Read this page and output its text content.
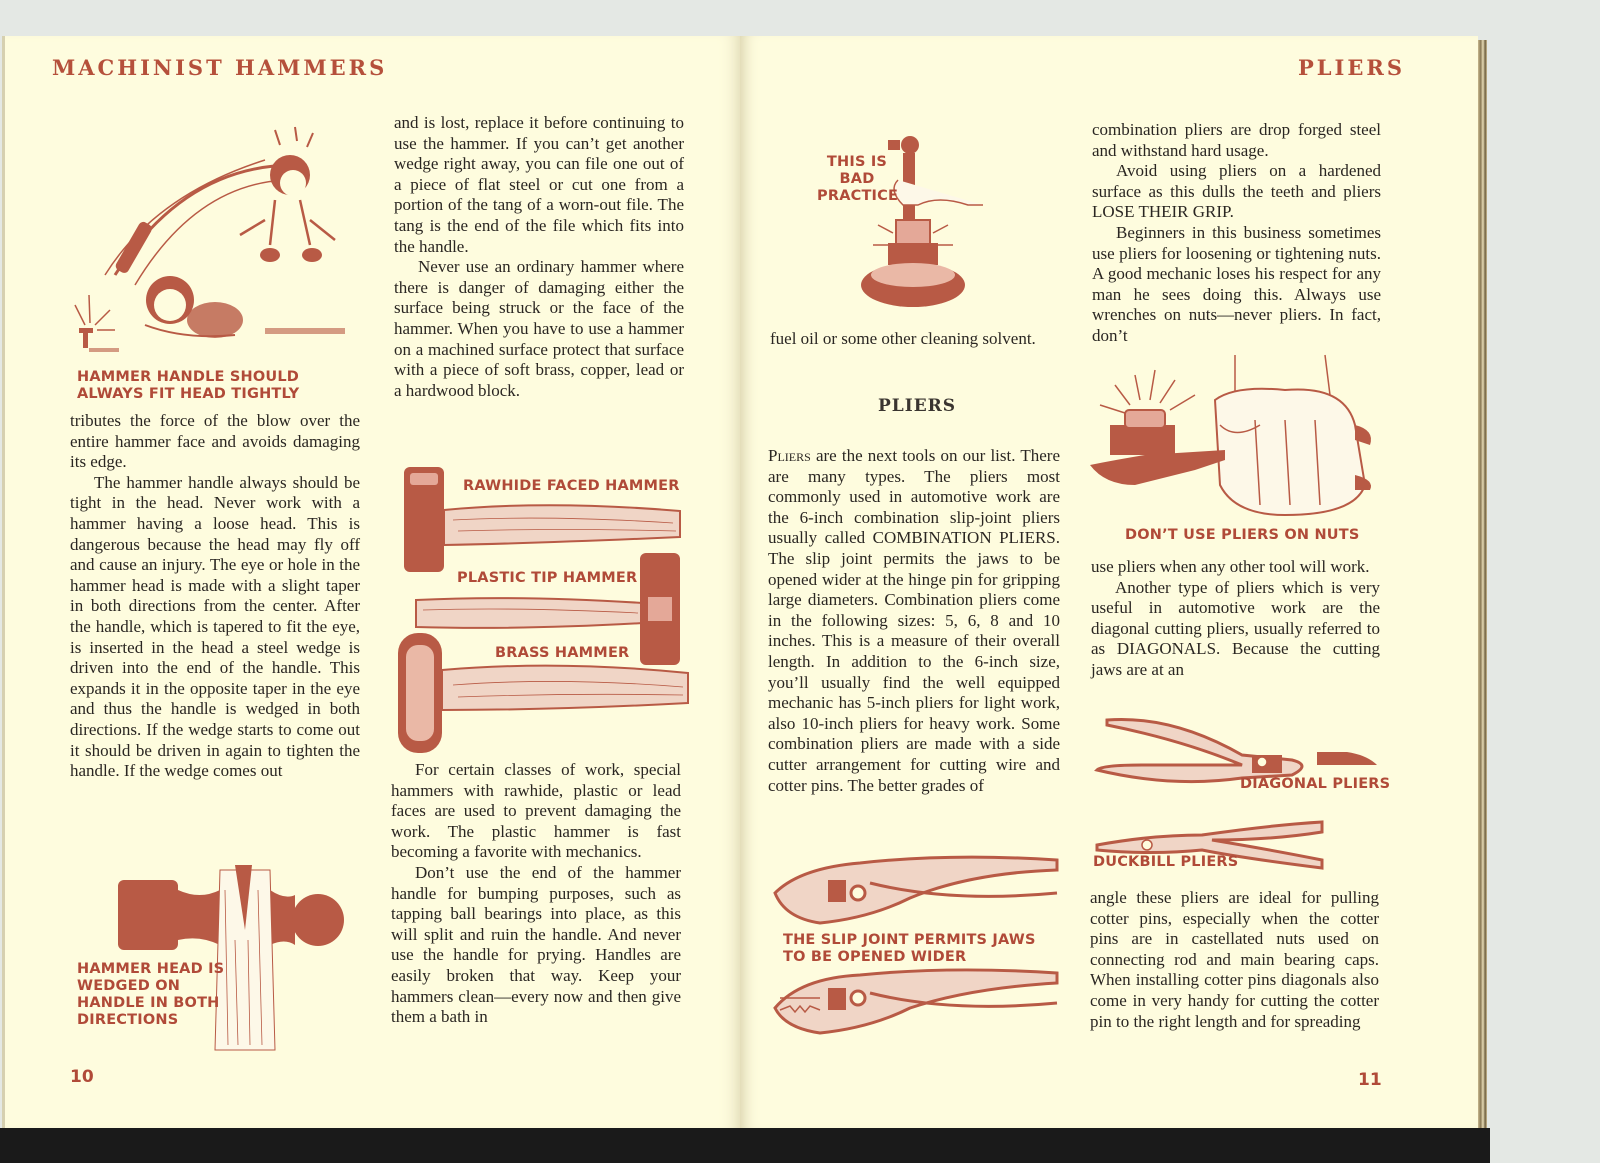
MACHINIST HAMMERS
HAMMER HANDLE SHOULD ALWAYS FIT HEAD TIGHTLY

tributes the force of the blow over the entire hammer face and avoids damaging its edge.

The hammer handle always should be tight in the head. Never work with a hammer having a loose head. This is dangerous because the head may fly off and cause an injury. The eye or hole in the hammer head is made with a slight taper in both directions from the center. After the handle, which is tapered to fit the eye, is inserted in the head a steel wedge is driven into the end of the handle. This expands it in the opposite taper in the eye and thus the handle is wedged in both directions. If the wedge starts to come out it should be driven in again to tighten the handle. If the wedge comes out

HAMMER HEAD IS WEDGED ON HANDLE IN BOTH DIRECTIONS
10

and is lost, replace it before continuing to use the hammer. If you can’t get another wedge right away, you can file one out of a piece of flat steel or cut one from a portion of the tang of a worn-out file. The tang is the end of the file which fits into the handle.

Never use an ordinary hammer where there is danger of damaging either the surface being struck or the face of the hammer. When you have to use a hammer on a machined surface protect that surface with a piece of soft brass, copper, lead or a hardwood block.

RAWHIDE FACED HAMMER
PLASTIC TIP HAMMER
BRASS HAMMER

For certain classes of work, special hammers with rawhide, plastic or lead faces are used to prevent damaging the work. The plastic hammer is fast becoming a favorite with mechanics.

Don’t use the end of the hammer handle for bumping purposes, such as tapping ball bearings into place, as this will split and ruin the handle. And never use the handle for prying. Handles are easily broken that way. Keep your hammers clean—every now and then give them a bath in

PLIERS
THIS IS BAD PRACTICE

fuel oil or some other cleaning solvent.

PLIERS

Pliers are the next tools on our list. There are many types. The pliers most commonly used in automotive work are the 6-inch combination slip-joint pliers usually called COMBINATION PLIERS. The slip joint permits the jaws to be opened wider at the hinge pin for gripping large diameters. Combination pliers come in the following sizes: 5, 6, 8 and 10 inches. This is a measure of their overall length. In addition to the 6-inch size, you’ll usually find the well equipped mechanic has 5-inch pliers for light work, also 10-inch pliers for heavy work. Some combination pliers are made with a side cutter arrangement for cutting wire and cotter pins. The better grades of

THE SLIP JOINT PERMITS JAWS TO BE OPENED WIDER

combination pliers are drop forged steel and withstand hard usage.

Avoid using pliers on a hardened surface as this dulls the teeth and pliers LOSE THEIR GRIP.

Beginners in this business sometimes use pliers for loosening or tightening nuts. A good mechanic loses his respect for any man he sees doing this. Always use wrenches on nuts—never pliers. In fact, don’t

DON’T USE PLIERS ON NUTS

use pliers when any other tool will work.

Another type of pliers which is very useful in automotive work are the diagonal cutting pliers, usually referred to as DIAGONALS. Because the cutting jaws are at an

DIAGONAL PLIERS
DUCKBILL PLIERS

angle these pliers are ideal for pulling cotter pins, especially when the cotter pins are in castellated nuts used on connecting rod and main bearing caps. When installing cotter pins diagonals also come in very handy for cutting the cotter pin to the right length and for spreading

11
